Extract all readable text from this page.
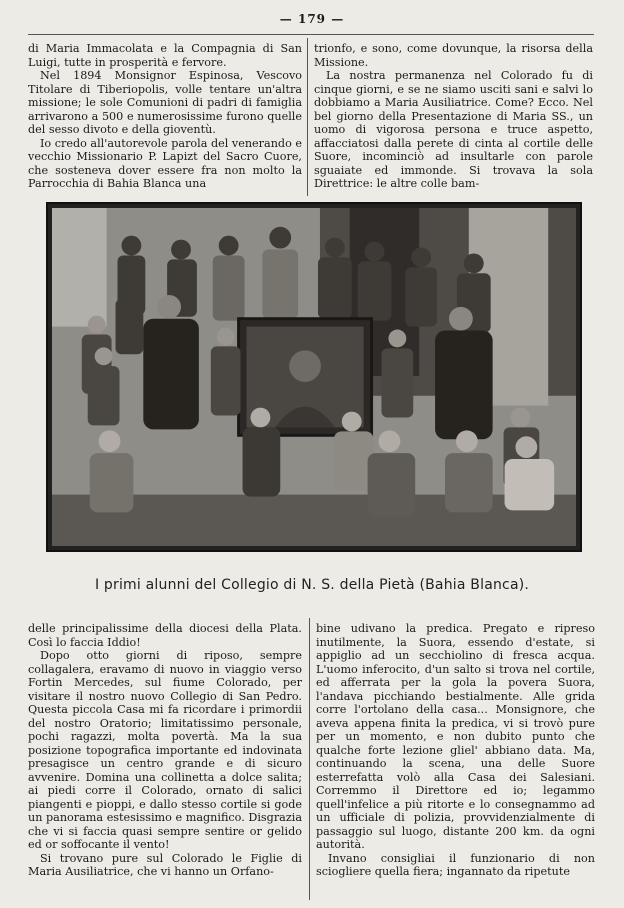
— 179 —

di Maria Immacolata e la Compagnia di San Luigi, tutte in prosperità e fervore.

Nel 1894 Monsignor Espinosa, Vescovo Titolare di Tiberiopolis, volle tentare un'altra missione; le sole Comunioni di padri di famiglia arrivarono a 500 e numerosissime furono quelle del sesso divoto e della gioventù.

Io credo all'autorevole parola del venerando e vecchio Missionario P. Lapizt del Sacro Cuore, che sosteneva dover essere fra non molto la Parrocchia di Bahia Blanca una

trionfo, e sono, come dovunque, la risorsa della Missione.

La nostra permanenza nel Colorado fu di cinque giorni, e se ne siamo usciti sani e salvi lo dobbiamo a Maria Ausiliatrice. Come? Ecco. Nel bel giorno della Presentazione di Maria SS., un uomo di vigorosa persona e truce aspetto, affacciatosi dalla perete di cinta al cortile delle Suore, incominciò ad insultarle con parole sguaiate ed immonde. Si trovava la sola Direttrice: le altre colle bam-

I primi alunni del Collegio di N. S. della Pietà (Bahia Blanca).

delle principalissime della diocesi della Plata. Così lo faccia Iddio!

Dopo otto giorni di riposo, sempre collagalera, eravamo di nuovo in viaggio verso Fortin Mercedes, sul fiume Colorado, per visitare il nostro nuovo Collegio di San Pedro. Questa piccola Casa mi fa ricordare i primordii del nostro Oratorio; limitatissimo personale, pochi ragazzi, molta povertà. Ma la sua posizione topografica importante ed indovinata presagisce un centro grande e di sicuro avvenire. Domina una collinetta a dolce salita; ai piedi corre il Colorado, ornato di salici piangenti e pioppi, e dallo stesso cortile si gode un panorama estesissimo e magnifico. Disgrazia che vi si faccia quasi sempre sentire or gelido ed or soffocante il vento!

Si trovano pure sul Colorado le Figlie di Maria Ausiliatrice, che vi hanno un Orfano-

bine udivano la predica. Pregato e ripreso inutilmente, la Suora, essendo d'estate, si appiglio ad un secchiolino di fresca acqua. L'uomo inferocito, d'un salto si trova nel cortile, ed afferrata per la gola la povera Suora, l'andava picchiando bestialmente. Alle grida corre l'ortolano della casa... Monsignore, che aveva appena finita la predica, vi si trovò pure per un momento, e non dubito punto che qualche forte lezione gliel' abbiano data. Ma, continuando la scena, una delle Suore esterrefatta volò alla Casa dei Salesiani. Corremmo il Direttore ed io; legammo quell'infelice a più ritorte e lo consegnammo ad un ufficiale di polizia, provvidenzialmente di passaggio sul luogo, distante 200 km. da ogni autorità.

Invano consigliai il funzionario di non sciogliere quella fiera; ingannato da ripetute
